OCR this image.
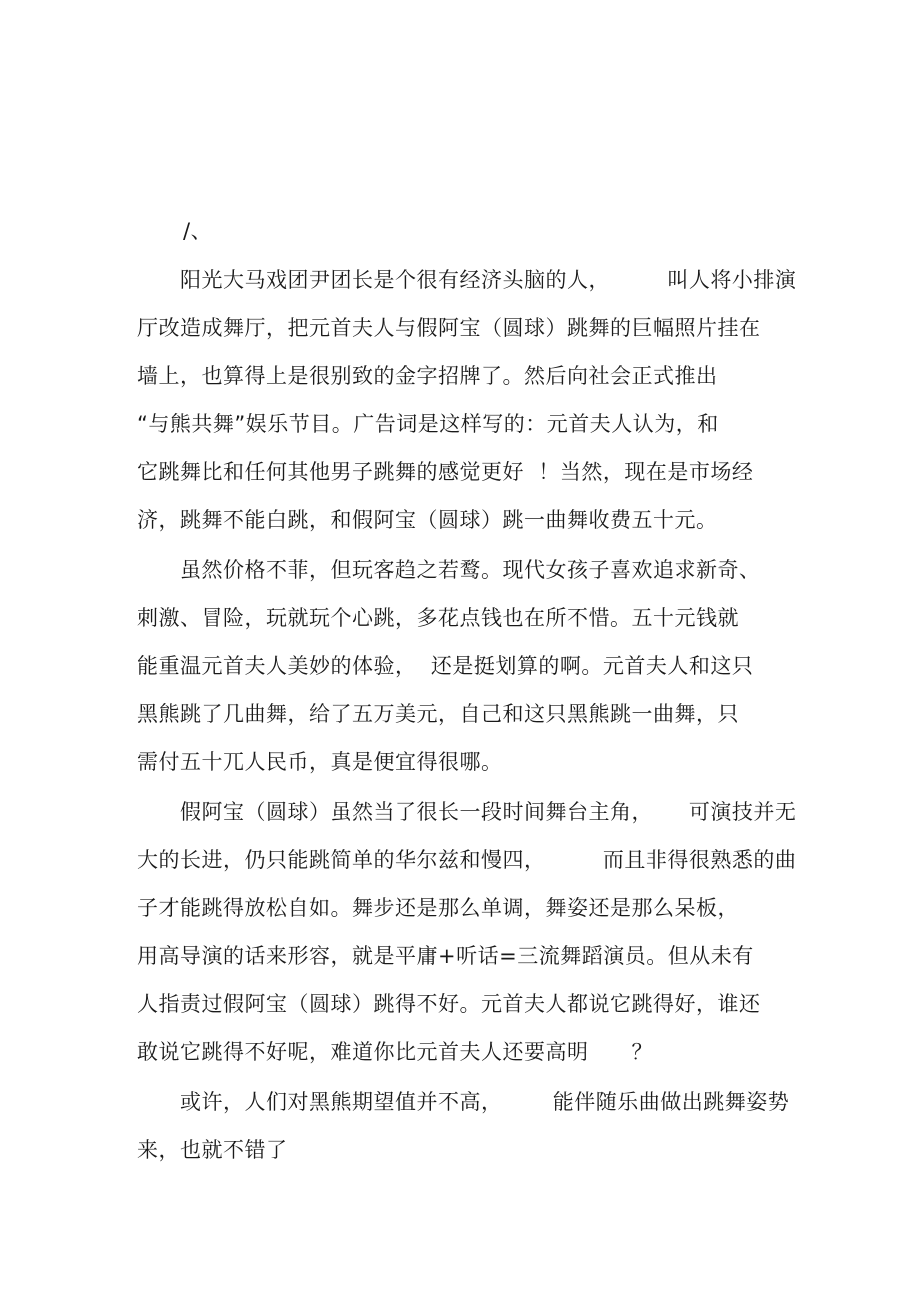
/、
阳光大马戏团尹团长是个很有经济头脑的人，        叫人将小排演
厅改造成舞厅，把元首夫人与假阿宝（圆球）跳舞的巨幅照片挂在
墙上，也算得上是很别致的金字招牌了。然后向社会正式推出
“与熊共舞”娱乐节目。广告词是这样写的：元首夫人认为，和
它跳舞比和任何其他男子跳舞的感觉更好  ！当然，现在是市场经
济，跳舞不能白跳，和假阿宝（圆球）跳一曲舞收费五十元。
虽然价格不菲，但玩客趋之若鹜。现代女孩子喜欢追求新奇、
刺激、冒险，玩就玩个心跳，多花点钱也在所不惜。五十元钱就
能重温元首夫人美妙的体验，  还是挺划算的啊。元首夫人和这只
黑熊跳了几曲舞，给了五万美元，自己和这只黑熊跳一曲舞，只
需付五十兀人民币，真是便宜得很哪。
假阿宝（圆球）虽然当了很长一段时间舞台主角，     可演技并无
大的长进，仍只能跳简单的华尔兹和慢四，        而且非得很熟悉的曲
子才能跳得放松自如。舞步还是那么单调，舞姿还是那么呆板，
用高导演的话来形容，就是平庸+听话=三流舞蹈演员。但从未有
人指责过假阿宝（圆球）跳得不好。元首夫人都说它跳得好，谁还
敢说它跳得不好呢，难道你比元首夫人还要高明      ？
或许，人们对黑熊期望值并不高，       能伴随乐曲做出跳舞姿势
来，也就不错了
